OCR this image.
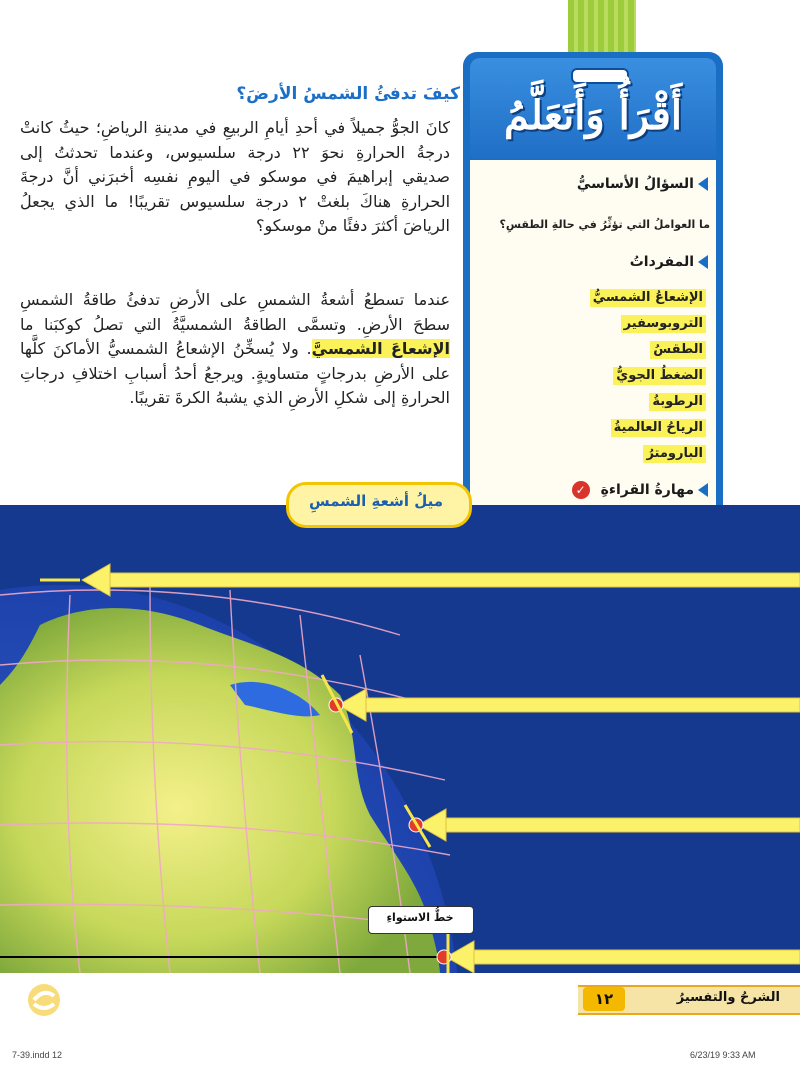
أَقْرَأُ وَأَتَعَلَّمُ
السؤالُ الأساسيُّ
ما العواملُ التي تؤثِّرُ في حالةِ الطقسِ؟
المفرداتُ
الإشعاعُ الشمسيُّ
التروبوسفير
الطقسُ
الضغطُ الجويُّ
الرطوبةُ
الرياحُ العالميةُ
البارومترُ
مهارةُ القراءةِ ✓
كيفَ تدفئُ الشمسُ الأرضَ؟
كانَ الجوُّ جميلاً في أحدِ أيامِ الربيعِ في مدينةِ الرياضِ؛ حيثُ كانتْ درجةُ الحرارةِ نحوَ ٢٢ درجة سلسيوس، وعندما تحدثتُ إلى صديقي إبراهيمَ في موسكو في اليومِ نفسِه أخبرَني أنَّ درجةَ الحرارةِ هناكَ بلغتْ ٢ درجة سلسيوس تقريبًا! ما الذي يجعلُ الرياضَ أكثرَ دفئًا منْ موسكو؟
عندما تسطعُ أشعةُ الشمسِ على الأرضِ تدفئُ طاقةُ الشمسِ سطحَ الأرضِ. وتسمَّى الطاقةُ الشمسيَّةُ التي تصلُ كوكبَنا ما الإشعاعَ الشمسيَّ. ولا يُسخِّنُ الإشعاعُ الشمسيُّ الأماكنَ كلَّها على الأرضِ بدرجاتٍ متساويةٍ. ويرجعُ أحدُ أسبابِ اختلافِ درجاتِ الحرارةِ إلى شكلِ الأرضِ الذي يشبهُ الكرةَ تقريبًا.
ميلُ أشعةِ الشمسِ
خطُّ الاستواءِ
١٢	الشرحُ والتفسيرُ
7-39.indd 12	6/23/19 9:33 AM
